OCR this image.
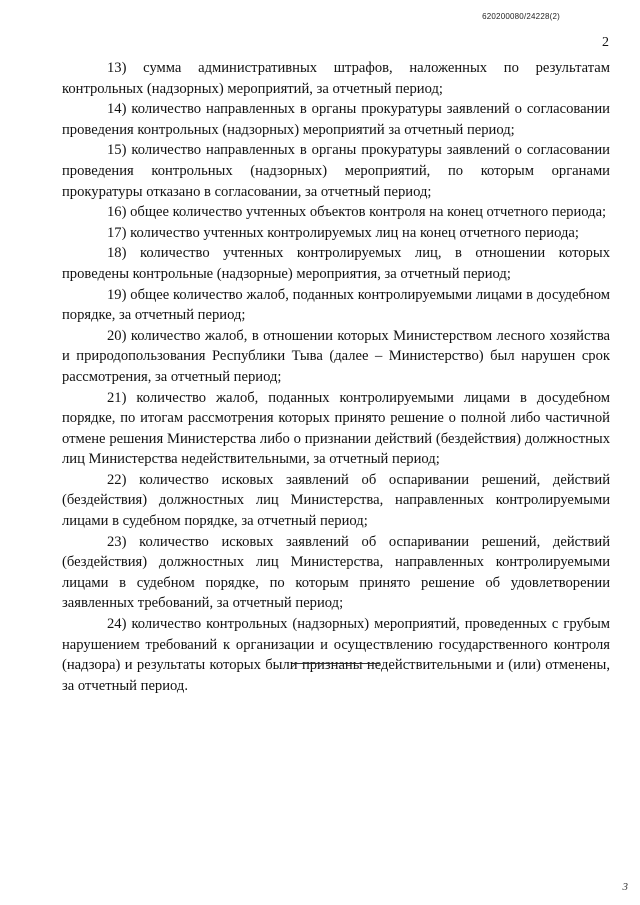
620200080/24228(2)
2

13) сумма административных штрафов, наложенных по результатам контрольных (надзорных) мероприятий, за отчетный период;

14) количество направленных в органы прокуратуры заявлений о согласовании проведения контрольных (надзорных) мероприятий за отчетный период;

15) количество направленных в органы прокуратуры заявлений о согласовании проведения контрольных (надзорных) мероприятий, по которым органами прокуратуры отказано в согласовании, за отчетный период;

16) общее количество учтенных объектов контроля на конец отчетного периода;

17) количество учтенных контролируемых лиц на конец отчетного периода;

18) количество учтенных контролируемых лиц, в отношении которых проведены контрольные (надзорные) мероприятия, за отчетный период;

19) общее количество жалоб, поданных контролируемыми лицами в досудебном порядке, за отчетный период;

20) количество жалоб, в отношении которых Министерством лесного хозяйства и природопользования Республики Тыва (далее – Министерство) был нарушен срок рассмотрения, за отчетный период;

21) количество жалоб, поданных контролируемыми лицами в досудебном порядке, по итогам рассмотрения которых принято решение о полной либо частичной отмене решения Министерства либо о признании действий (бездействия) должностных лиц Министерства недействительными, за отчетный период;

22) количество исковых заявлений об оспаривании решений, действий (бездействия) должностных лиц Министерства, направленных контролируемыми лицами в судебном порядке, за отчетный период;

23) количество исковых заявлений об оспаривании решений, действий (бездействия) должностных лиц Министерства, направленных контролируемыми лицами в судебном порядке, по которым принято решение об удовлетворении заявленных требований, за отчетный период;

24) количество контрольных (надзорных) мероприятий, проведенных с грубым нарушением требований к организации и осуществлению государственного контроля (надзора) и результаты которых были признаны недействительными и (или) отменены, за отчетный период.

3
